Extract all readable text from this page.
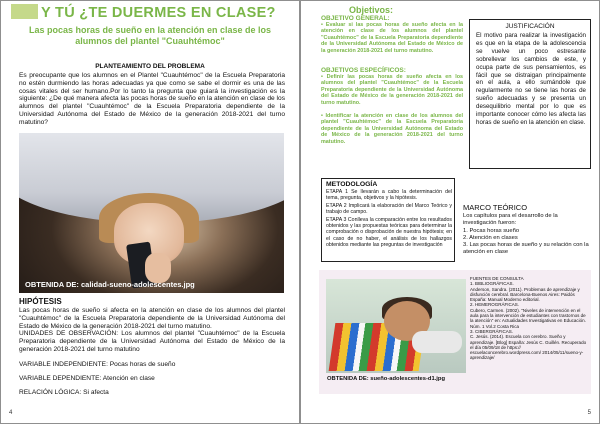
Y TÚ ¿TE DUERMES EN CLASE?
Las pocas horas de sueño en la atención en clase de los alumnos del plantel "Cuauhtémoc"
PLANTEAMIENTO DEL PROBLEMA
Es preocupante que los alumnos en el Plantel "Cuauhtémoc" de la Escuela Preparatoria no estén durmiendo las horas adecuadas ya que como se sabe el dormir es una de las cosas vitales del ser humano.Por lo tanto la pregunta que guiará la investigación es la siguiente: ¿De qué manera afecta las pocas horas de sueño en la atención en clase de los alumnos del plantel "Cuauhtémoc" de la Escuela Preparatoria dependiente de la Universidad Autónoma del Estado de México de la generación 2018-2021 del turno matutino?
OBTENIDA DE: calidad-sueno-adolescentes.jpg
HIPÓTESIS
Las pocas horas de sueño si afecta en la atención en clase de los alumnos del plantel "Cuauhtémoc" de la Escuela Preparatoria dependiente de la Universidad Autónoma del Estado de México de la generación 2018-2021 del turno matutino.
UNIDADES DE OBSERVACIÓN: Los alumnos del plantel "Cuauhtémoc" de la Escuela Preparatoria dependiente de la Universidad Autónoma del Estado de México de la generación 2018-2021 del turno matutino
VARIABLE INDEPENDIENTE: Pocas horas de sueño
VARIABLE DEPENDIENTE: Atención en clase
RELACIÓN LÓGICA: Si afecta
4
Objetivos:
OBJETIVO GENERAL:
• Evaluar si las pocas horas de sueño afecta en la atención en clase de los alumnos del plantel "Cuauhtémoc" de la Escuela Preparatoria dependiente de la Universidad Autónoma del Estado de México de la generación 2018-2021 del turno matutino.
OBJETIVOS ESPECÍFICOS:
• Definir las pocas horas de sueño afecta en los alumnos del plantel "Cuauhtémoc" de la Escuela Preparatoria dependiente de la Universidad Autónoma del Estado de México de la generación 2018-2021 del turno matutino.
• Identificar la atención en clase de los alumnos del plantel "Cuauhtémoc" de la Escuela Preparatoria dependiente de la Universidad Autónoma del Estado de México de la generación 2018-2021 del turno matutino.
JUSTIFICACIÓN
El motivo para realizar la investigación es que en la etapa de la adolescencia se vuelve un poco estresante sobrellevar los cambios de este, y ocupa parte de sus pensamientos, es fácil que se distraigan principalmente en el aula, a ello sumándole que regularmente no se tiene las horas de sueño adecuadas y se presenta un desequilibrio mental por lo que es importante conocer cómo les afecta las horas de sueño en la atención en clase.
METODOLOGÍA
ETAPA 1 Se llevarán a cabo la determinación del tema, pregunta, objetivos y la hipótesis.
ETAPA 2 Implicará la elaboración del Marco Teórico y trabajo de campo.
ETAPA 3 Conlleva la comparación entre los resultados obtenidos y las propuestas teóricas para determinar la comprobación o disprobación de nuestra hipótesis; en el caso de no haber, el análisis de los hallazgos obtenidos mediante las preguntas de investigación
MARCO TEÓRICO
Los capítulos para el desarrollo de la investigación fueron:
1. Pocas horas sueño
2. Atención en clases
3. Las pocas horas de sueño y su relación con la atención en clase
OBTENIDA DE: sueño-adolescentes-d1.jpg
FUENTES DE CONSULTA
1. BIBLIOGRÁFICAS.
Anderson, Sandra. (2011). Problemas de aprendizaje y disfunción cerebral. Barcelona-Buenos Aires: Paidós España: Manual Moderno editorial.
2. HEMEROGRÁFICAS.
Cubero, Carmen. (2002). "Niveles de intervención en el aula para la intervención de estudiantes con trastornos de la atención" en: Actualidades Investigativas en Educación. Núm. 1 Vol.2 Costa Rica
3. CIBERGRÁFICAS.
C. Jesús. (2014). Escuela con cerebro. Sueño y aprendizaje. [Blog] España: Jesús C. Guillén. Recuperado el día 05/09/18 de https:// escuelaconcerebro.wordpress.com/ 2014/05/11/sueno-y-aprendizaje/
5
